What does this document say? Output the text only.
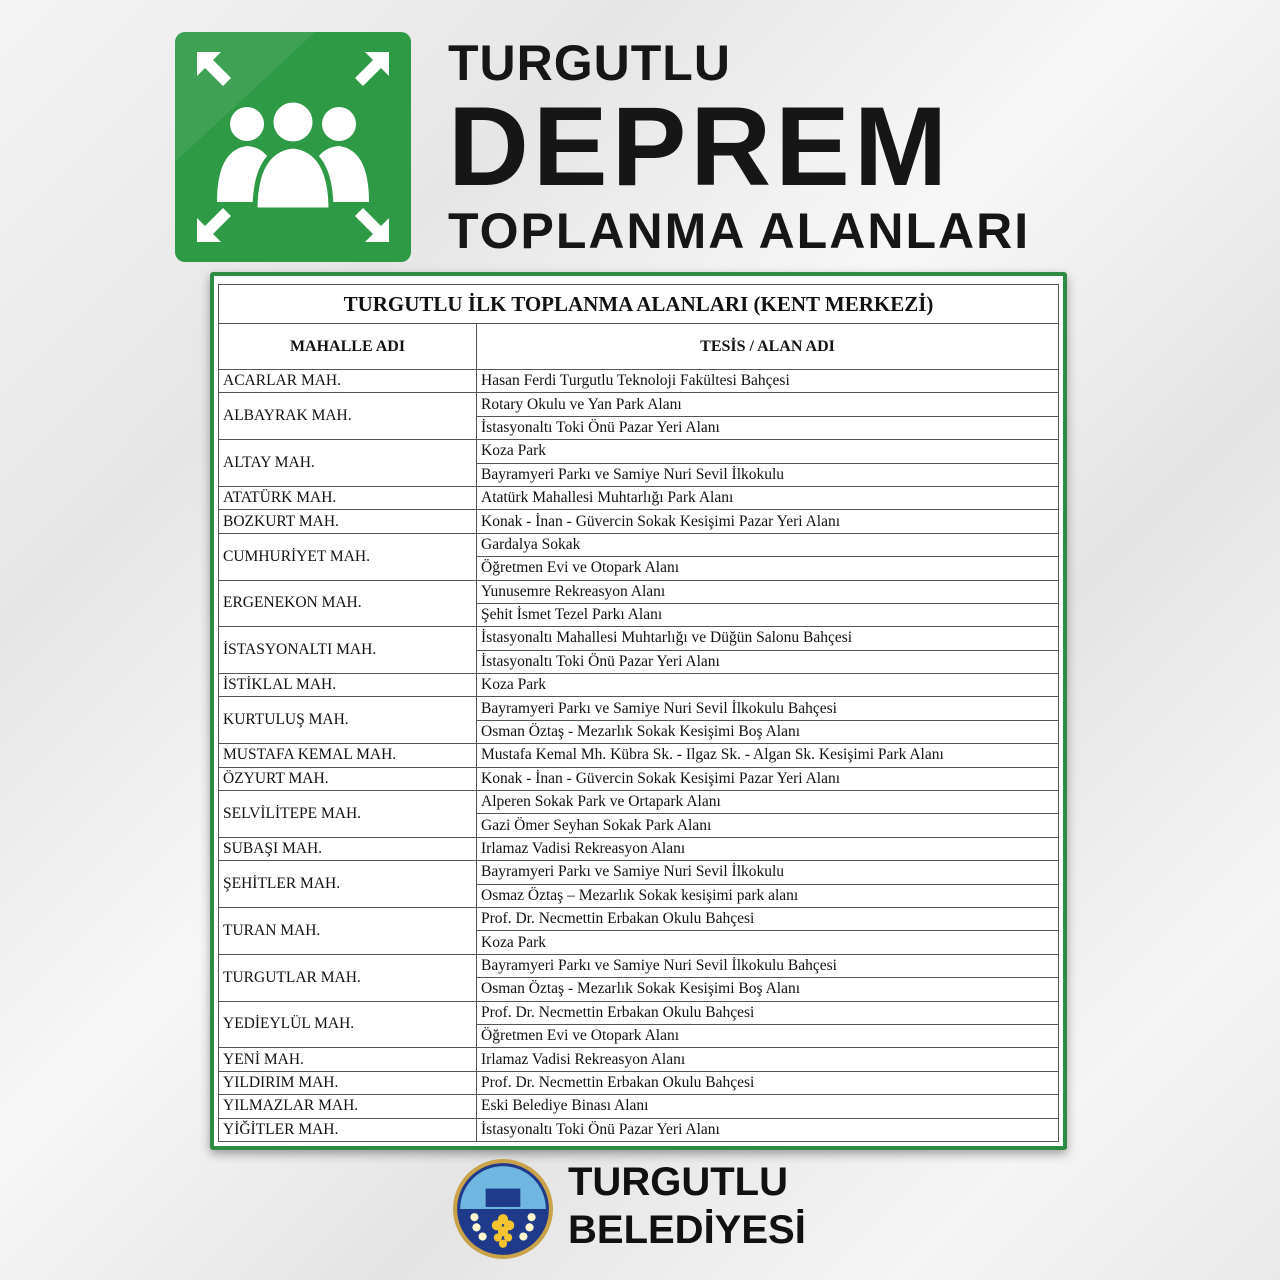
TURGUTLU
DEPREM
TOPLANMA ALANLARI
TURGUTLU İLK TOPLANMA ALANLARI (KENT MERKEZİ)	
MAHALLE ADI	TESİS / ALAN ADI
ACARLAR MAH.	Hasan Ferdi Turgutlu Teknoloji Fakültesi Bahçesi
ALBAYRAK MAH.	Rotary Okulu ve Yan Park Alanı
	İstasyonaltı Toki Önü Pazar Yeri Alanı
ALTAY MAH.	Koza Park
	Bayramyeri Parkı ve Samiye Nuri Sevil İlkokulu
ATATÜRK MAH.	Atatürk Mahallesi Muhtarlığı Park Alanı
BOZKURT MAH.	Konak - İnan - Güvercin Sokak Kesişimi Pazar Yeri Alanı
CUMHURİYET MAH.	Gardalya Sokak
	Öğretmen Evi ve Otopark Alanı
ERGENEKON MAH.	Yunusemre Rekreasyon Alanı
	Şehit İsmet Tezel Parkı Alanı
İSTASYONALTI MAH.	İstasyonaltı Mahallesi Muhtarlığı ve Düğün Salonu Bahçesi
	İstasyonaltı Toki Önü Pazar Yeri Alanı
İSTİKLAL MAH.	Koza Park
KURTULUŞ MAH.	Bayramyeri Parkı ve Samiye Nuri Sevil İlkokulu Bahçesi
	Osman Öztaş - Mezarlık Sokak Kesişimi Boş Alanı
MUSTAFA KEMAL MAH.	Mustafa Kemal Mh. Kübra Sk. - Ilgaz Sk. - Algan Sk. Kesişimi Park Alanı
ÖZYURT MAH.	Konak - İnan - Güvercin Sokak Kesişimi Pazar Yeri Alanı
SELVİLİTEPE MAH.	Alperen Sokak Park ve Ortapark Alanı
	Gazi Ömer Seyhan Sokak Park Alanı
SUBAŞI MAH.	Irlamaz Vadisi Rekreasyon Alanı
ŞEHİTLER MAH.	Bayramyeri Parkı ve Samiye Nuri Sevil İlkokulu
	Osmaz Öztaş – Mezarlık Sokak kesişimi park alanı
TURAN MAH.	Prof. Dr. Necmettin Erbakan Okulu Bahçesi
	Koza Park
TURGUTLAR MAH.	Bayramyeri Parkı ve Samiye Nuri Sevil İlkokulu Bahçesi
	Osman Öztaş - Mezarlık Sokak Kesişimi Boş Alanı
YEDİEYLÜL MAH.	Prof. Dr. Necmettin Erbakan Okulu Bahçesi
	Öğretmen Evi ve Otopark Alanı
YENİ MAH.	Irlamaz Vadisi Rekreasyon Alanı
YILDIRIM MAH.	Prof. Dr. Necmettin Erbakan Okulu Bahçesi
YILMAZLAR MAH.	Eski Belediye Binası Alanı
YİĞİTLER MAH.	İstasyonaltı Toki Önü Pazar Yeri Alanı
TURGUTLU
BELEDİYESİ
